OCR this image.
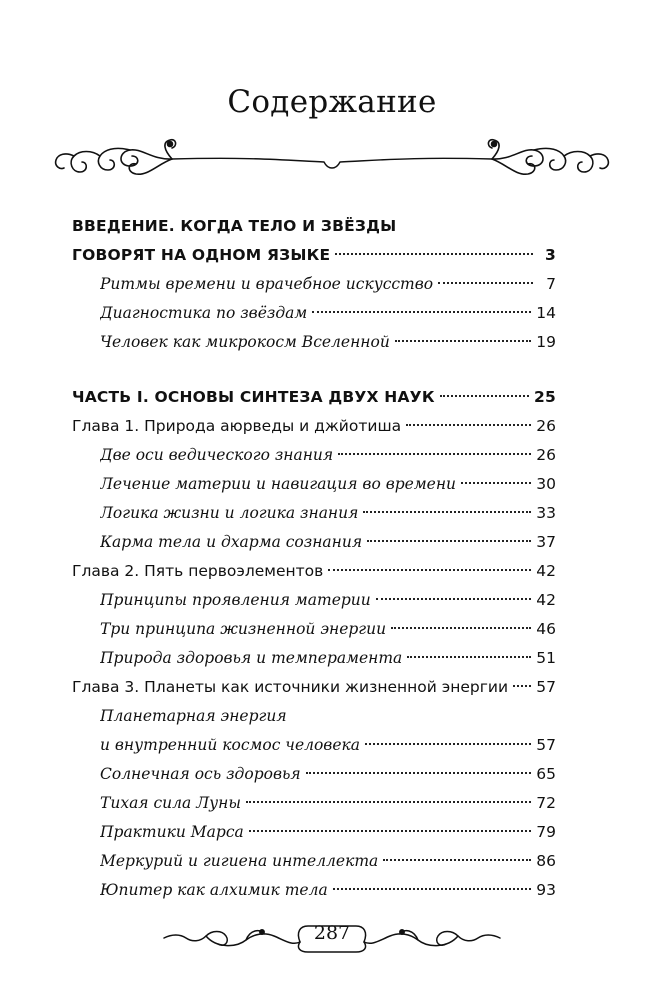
Содержание
ВВЕДЕНИЕ. КОГДА ТЕЛО И ЗВЁЗДЫ
ГОВОРЯТ НА ОДНОМ ЯЗЫКЕ	3
Ритмы времени и врачебное искусство	7
Диагностика по звёздам	14
Человек как микрокосм Вселенной	19
ЧАСТЬ I. ОСНОВЫ СИНТЕЗА ДВУХ НАУК	25
Глава 1. Природа аюрведы и джйотиша	26
Две оси ведического знания	26
Лечение материи и навигация во времени	30
Логика жизни и логика знания	33
Карма тела и дхарма сознания	37
Глава 2. Пять первоэлементов	42
Принципы проявления материи	42
Три принципа жизненной энергии	46
Природа здоровья и темперамента	51
Глава 3. Планеты как источники жизненной энергии 57
Планетарная энергия
и внутренний космос человека	57
Солнечная ось здоровья	65
Тихая сила Луны	72
Практики Марса	79
Меркурий и гигиена интеллекта	86
Юпитер как алхимик тела	93
287
